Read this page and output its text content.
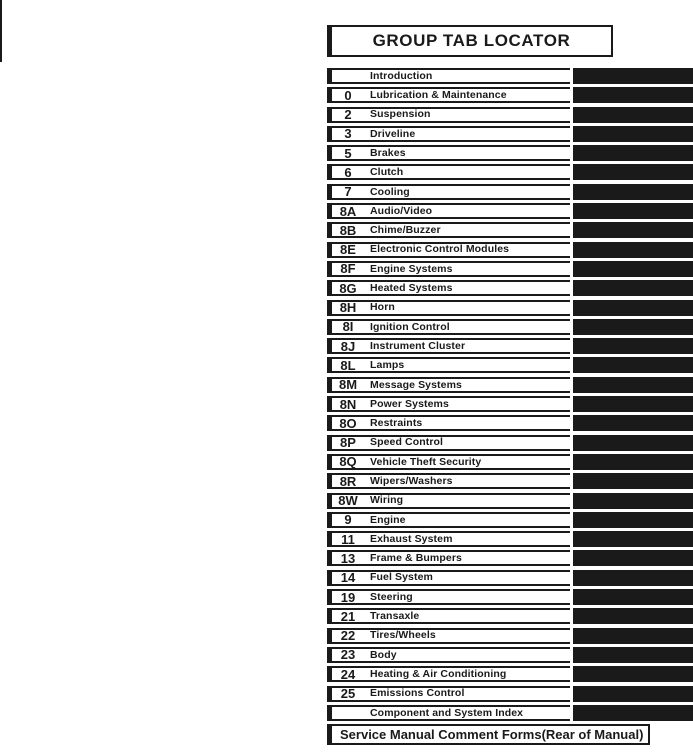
GROUP TAB LOCATOR
Introduction
0	Lubrication & Maintenance
2	Suspension
3	Driveline
5	Brakes
6	Clutch
7	Cooling
8A	Audio/Video
8B	Chime/Buzzer
8E	Electronic Control Modules
8F	Engine Systems
8G	Heated Systems
8H	Horn
8I	Ignition Control
8J	Instrument Cluster
8L	Lamps
8M	Message Systems
8N	Power Systems
8O	Restraints
8P	Speed Control
8Q	Vehicle Theft Security
8R	Wipers/Washers
8W	Wiring
9	Engine
11	Exhaust System
13	Frame & Bumpers
14	Fuel System
19	Steering
21	Transaxle
22	Tires/Wheels
23	Body
24	Heating & Air Conditioning
25	Emissions Control
Component and System Index
Service Manual Comment Forms (Rear of Manual)
